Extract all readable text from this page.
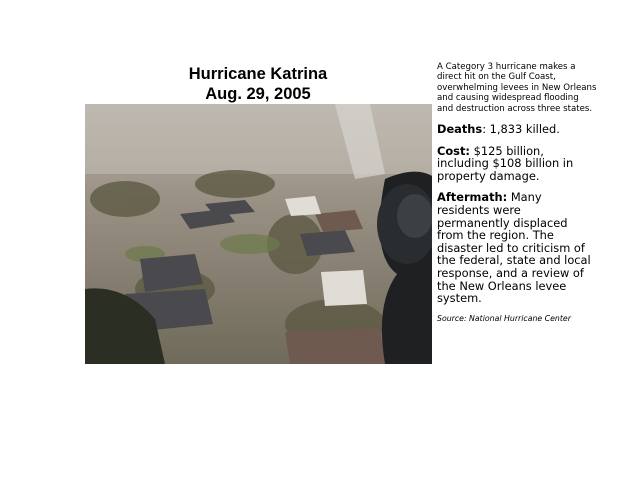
Hurricane Katrina
Aug. 29, 2005

A Category 3 hurricane makes a direct hit on the Gulf Coast, overwhelming levees in New Orleans and causing widespread flooding and destruction across three states.

Deaths: 1,833 killed.

Cost: $125 billion, including $108 billion in property damage.

Aftermath: Many residents were permanently displaced from the region. The disaster led to criticism of the federal, state and local response, and a review of the New Orleans levee system.

Source: National Hurricane Center
